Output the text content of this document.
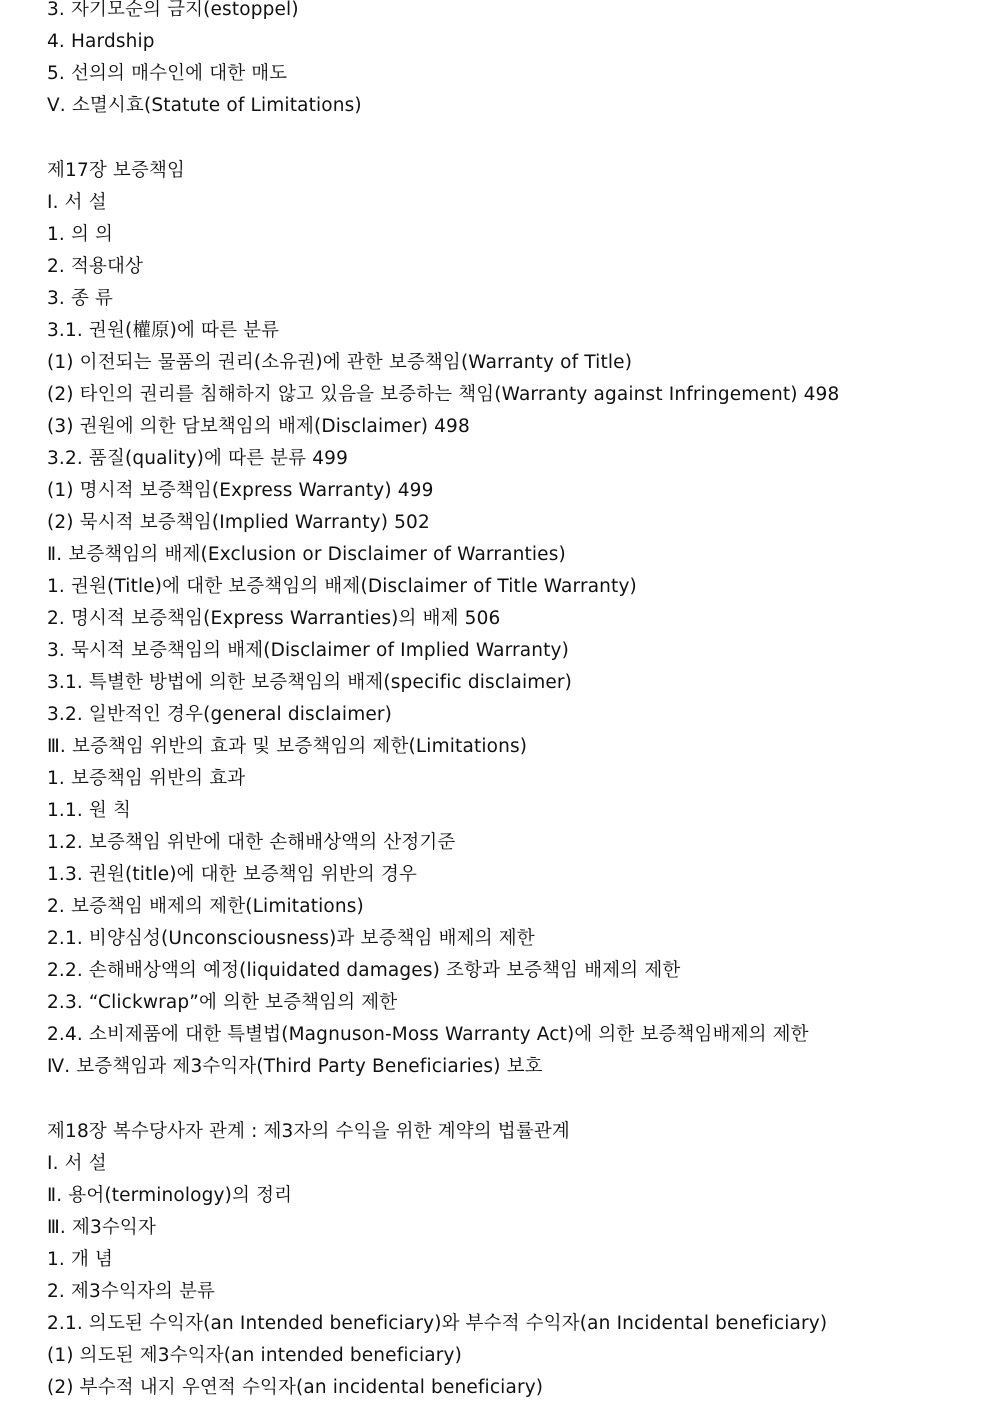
3. 자기모순의 금지(estoppel)
4. Hardship
5. 선의의 매수인에 대한 매도
Ⅴ. 소멸시효(Statute of Limitations)
제17장 보증책임
Ⅰ. 서 설
1. 의 의
2. 적용대상
3. 종 류
3.1. 권원(權原)에 따른 분류
(1) 이전되는 물품의 권리(소유권)에 관한 보증책임(Warranty of Title)
(2) 타인의 권리를 침해하지 않고 있음을 보증하는 책임(Warranty against Infringement) 498
(3) 권원에 의한 담보책임의 배제(Disclaimer) 498
3.2. 품질(quality)에 따른 분류 499
(1) 명시적 보증책임(Express Warranty) 499
(2) 묵시적 보증책임(Implied Warranty) 502
Ⅱ. 보증책임의 배제(Exclusion or Disclaimer of Warranties)
1. 권원(Title)에 대한 보증책임의 배제(Disclaimer of Title Warranty)
2. 명시적 보증책임(Express Warranties)의 배제 506
3. 묵시적 보증책임의 배제(Disclaimer of Implied Warranty)
3.1. 특별한 방법에 의한 보증책임의 배제(specific disclaimer)
3.2. 일반적인 경우(general disclaimer)
Ⅲ. 보증책임 위반의 효과 및 보증책임의 제한(Limitations)
1. 보증책임 위반의 효과
1.1. 원 칙
1.2. 보증책임 위반에 대한 손해배상액의 산정기준
1.3. 권원(title)에 대한 보증책임 위반의 경우
2. 보증책임 배제의 제한(Limitations)
2.1. 비양심성(Unconsciousness)과 보증책임 배제의 제한
2.2. 손해배상액의 예정(liquidated damages) 조항과 보증책임 배제의 제한
2.3. “Clickwrap”에 의한 보증책임의 제한
2.4. 소비제품에 대한 특별법(Magnuson-Moss Warranty Act)에 의한 보증책임배제의 제한
Ⅳ. 보증책임과 제3수익자(Third Party Beneficiaries) 보호
제18장 복수당사자 관계 : 제3자의 수익을 위한 계약의 법률관계
Ⅰ. 서 설
Ⅱ. 용어(terminology)의 정리
Ⅲ. 제3수익자
1. 개 념
2. 제3수익자의 분류
2.1. 의도된 수익자(an Intended beneficiary)와 부수적 수익자(an Incidental beneficiary)
(1) 의도된 제3수익자(an intended beneficiary)
(2) 부수적 내지 우연적 수익자(an incidental beneficiary)
